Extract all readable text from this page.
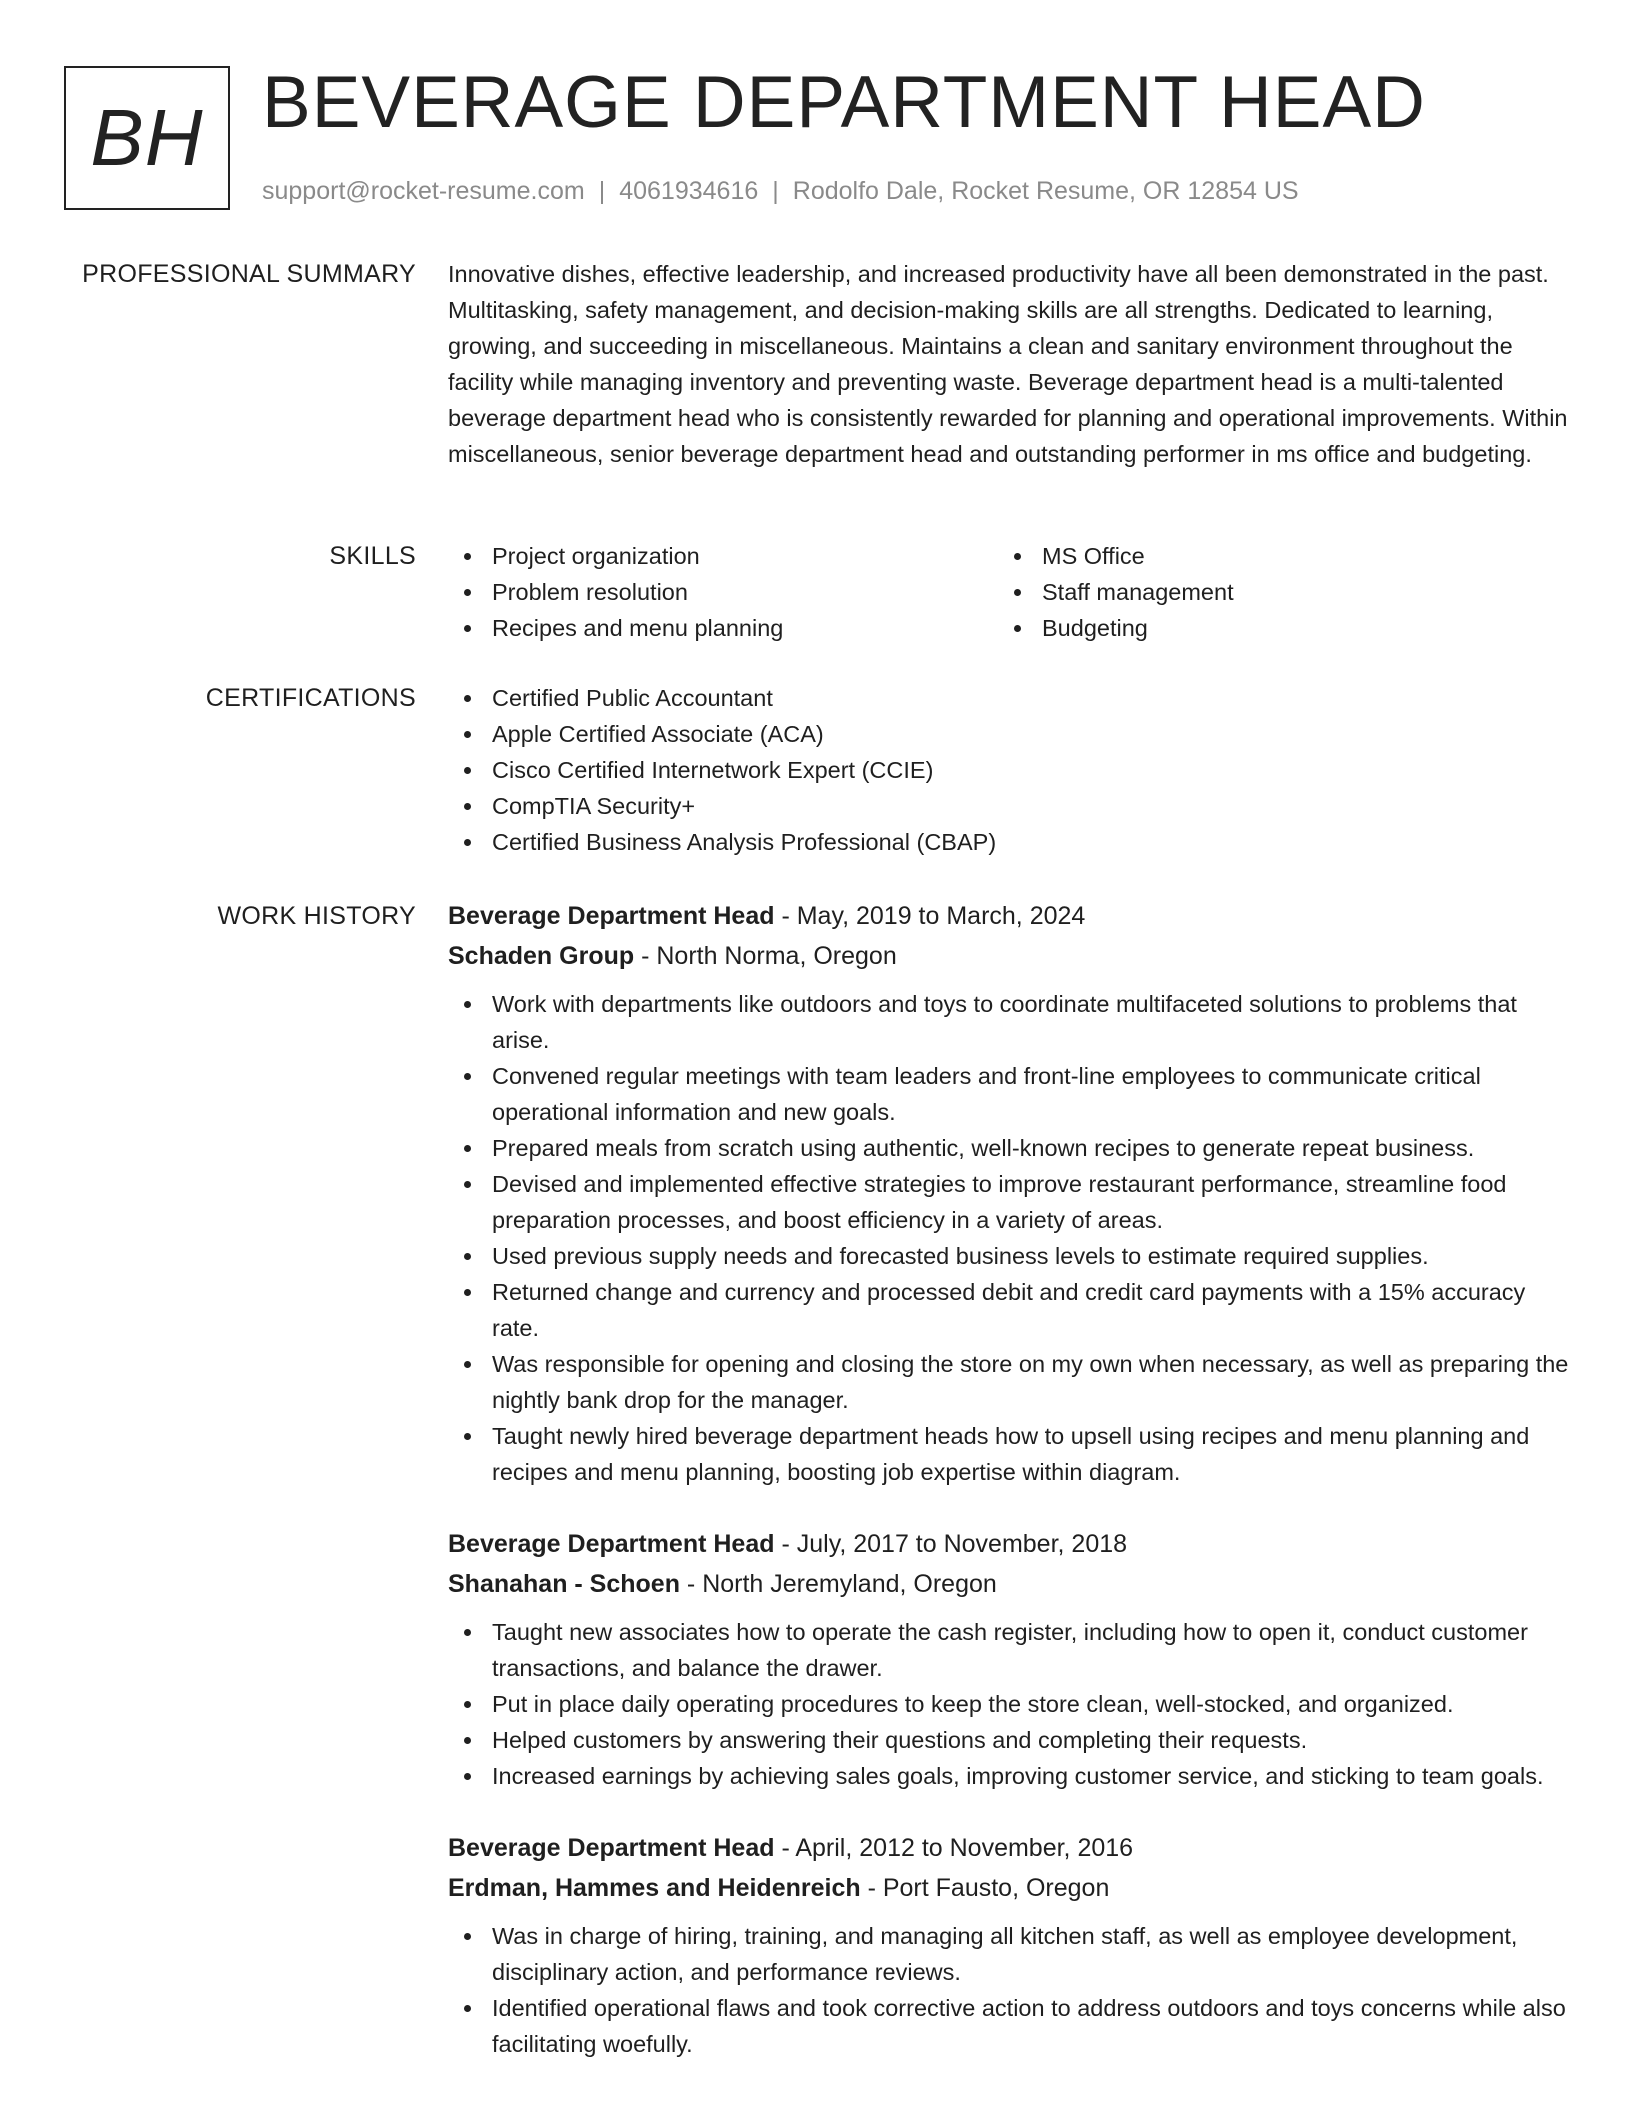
BH BEVERAGE DEPARTMENT HEAD
support@rocket-resume.com | 4061934616 | Rodolfo Dale, Rocket Resume, OR 12854 US
PROFESSIONAL SUMMARY Innovative dishes, effective leadership, and increased productivity have all been demonstrated in the past. Multitasking, safety management, and decision-making skills are all strengths. Dedicated to learning, growing, and succeeding in miscellaneous. Maintains a clean and sanitary environment throughout the facility while managing inventory and preventing waste. Beverage department head is a multi-talented beverage department head who is consistently rewarded for planning and operational improvements. Within miscellaneous, senior beverage department head and outstanding performer in ms office and budgeting.
SKILLS	Project organization
Problem resolution
Recipes and menu planning
MS Office
Staff management
Budgeting
CERTIFICATIONS	Certified Public Accountant
Apple Certified Associate (ACA)
Cisco Certified Internetwork Expert (CCIE)
CompTIA Security+
Certified Business Analysis Professional (CBAP)
WORK HISTORY Beverage Department Head - May, 2019 to March, 2024
Schaden Group - North Norma, Oregon
Work with departments like outdoors and toys to coordinate multifaceted solutions to problems that arise.
Convened regular meetings with team leaders and front-line employees to communicate critical operational information and new goals.
Prepared meals from scratch using authentic, well-known recipes to generate repeat business.
Devised and implemented effective strategies to improve restaurant performance, streamline food preparation processes, and boost efficiency in a variety of areas.
Used previous supply needs and forecasted business levels to estimate required supplies.
Returned change and currency and processed debit and credit card payments with a 15% accuracy rate.
Was responsible for opening and closing the store on my own when necessary, as well as preparing the nightly bank drop for the manager.
Taught newly hired beverage department heads how to upsell using recipes and menu planning and recipes and menu planning, boosting job expertise within diagram.
Beverage Department Head - July, 2017 to November, 2018
Shanahan - Schoen - North Jeremyland, Oregon
Taught new associates how to operate the cash register, including how to open it, conduct customer transactions, and balance the drawer.
Put in place daily operating procedures to keep the store clean, well-stocked, and organized.
Helped customers by answering their questions and completing their requests.
Increased earnings by achieving sales goals, improving customer service, and sticking to team goals.
Beverage Department Head - April, 2012 to November, 2016
Erdman, Hammes and Heidenreich - Port Fausto, Oregon
Was in charge of hiring, training, and managing all kitchen staff, as well as employee development, disciplinary action, and performance reviews.
Identified operational flaws and took corrective action to address outdoors and toys concerns while also facilitating woefully.
